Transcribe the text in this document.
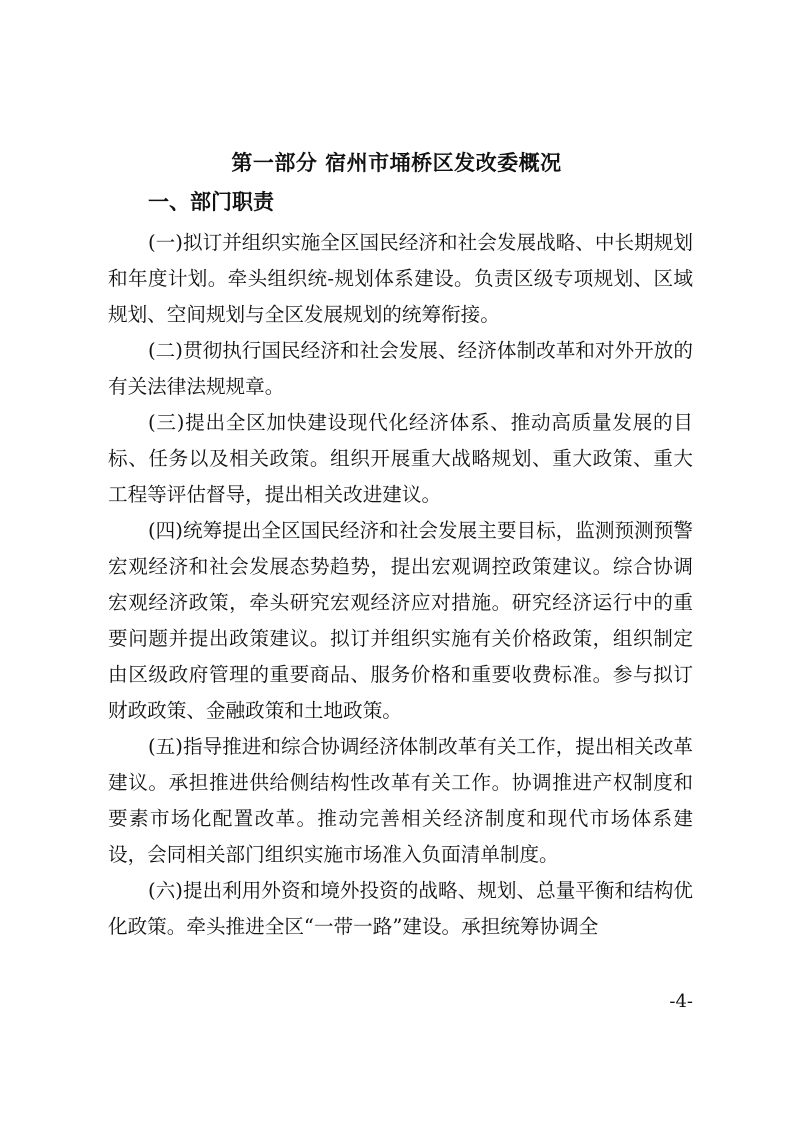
第一部分 宿州市埇桥区发改委概况
一、部门职责

(一)拟订并组织实施全区国民经济和社会发展战略、中长期规划和年度计划。牵头组织统-规划体系建设。负责区级专项规划、区域规划、空间规划与全区发展规划的统筹衔接。

(二)贯彻执行国民经济和社会发展、经济体制改革和对外开放的有关法律法规规章。

(三)提出全区加快建设现代化经济体系、推动高质量发展的目标、任务以及相关政策。组织开展重大战略规划、重大政策、重大工程等评估督导，提出相关改进建议。

(四)统筹提出全区国民经济和社会发展主要目标，监测预测预警宏观经济和社会发展态势趋势，提出宏观调控政策建议。综合协调宏观经济政策，牵头研究宏观经济应对措施。研究经济运行中的重要问题并提出政策建议。拟订并组织实施有关价格政策，组织制定由区级政府管理的重要商品、服务价格和重要收费标准。参与拟订财政政策、金融政策和土地政策。

(五)指导推进和综合协调经济体制改革有关工作，提出相关改革建议。承担推进供给侧结构性改革有关工作。协调推进产权制度和要素市场化配置改革。推动完善相关经济制度和现代市场体系建设，会同相关部门组织实施市场准入负面清单制度。

(六)提出利用外资和境外投资的战略、规划、总量平衡和结构优化政策。牵头推进全区“一带一路”建设。承担统筹协调全

-4-
